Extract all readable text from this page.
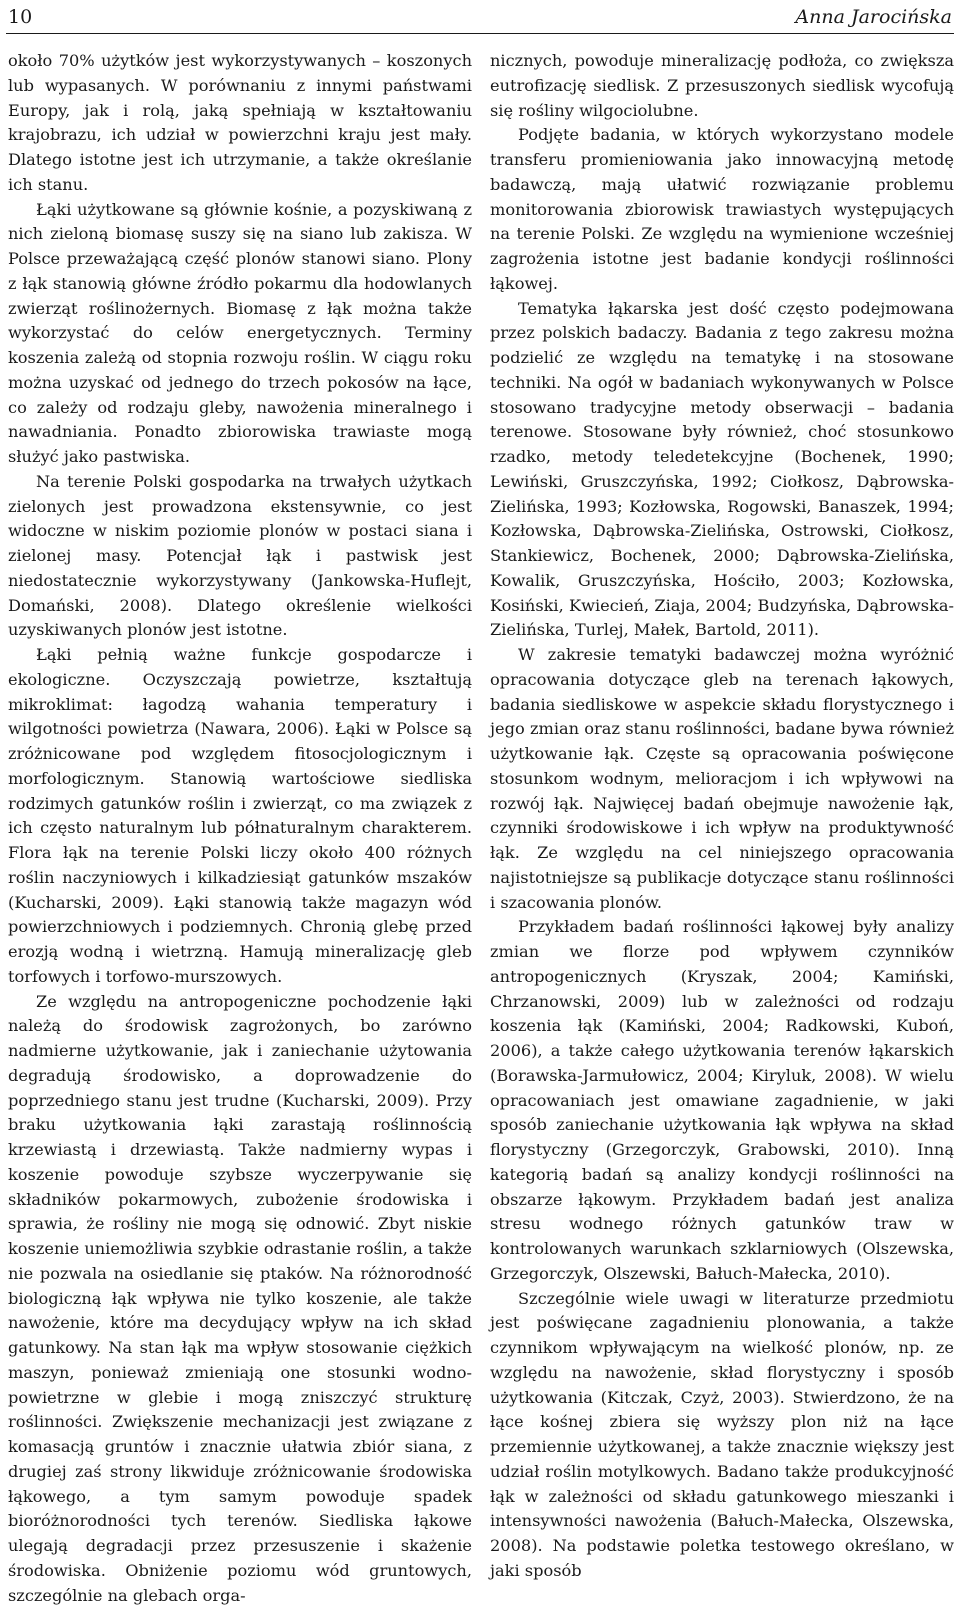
10	Anna Jarocińska

około 70% użytków jest wykorzystywanych – koszonych lub wypasanych. W porównaniu z innymi państwami Europy, jak i rolą, jaką spełniają w kształtowaniu krajobrazu, ich udział w powierzchni kraju jest mały. Dlatego istotne jest ich utrzymanie, a także określanie ich stanu.

Łąki użytkowane są głównie kośnie, a pozyskiwaną z nich zieloną biomasę suszy się na siano lub zakisza. W Polsce przeważającą część plonów stanowi siano. Plony z łąk stanowią główne źródło pokarmu dla hodowlanych zwierząt roślinożernych. Biomasę z łąk można także wykorzystać do celów energetycznych. Terminy koszenia zależą od stopnia rozwoju roślin. W ciągu roku można uzyskać od jednego do trzech pokosów na łące, co zależy od rodzaju gleby, nawożenia mineralnego i nawadniania. Ponadto zbiorowiska trawiaste mogą służyć jako pastwiska.

Na terenie Polski gospodarka na trwałych użytkach zielonych jest prowadzona ekstensywnie, co jest widoczne w niskim poziomie plonów w postaci siana i zielonej masy. Potencjał łąk i pastwisk jest niedostatecznie wykorzystywany (Jankowska-Huflejt, Domański, 2008). Dlatego określenie wielkości uzyskiwanych plonów jest istotne.

Łąki pełnią ważne funkcje gospodarcze i ekologiczne. Oczyszczają powietrze, kształtują mikroklimat: łagodzą wahania temperatury i wilgotności powietrza (Nawara, 2006). Łąki w Polsce są zróżnicowane pod względem fitosocjologicznym i morfologicznym. Stanowią wartościowe siedliska rodzimych gatunków roślin i zwierząt, co ma związek z ich często naturalnym lub półnaturalnym charakterem. Flora łąk na terenie Polski liczy około 400 różnych roślin naczyniowych i kilkadziesiąt gatunków mszaków (Kucharski, 2009). Łąki stanowią także magazyn wód powierzchniowych i podziemnych. Chronią glebę przed erozją wodną i wietrzną. Hamują mineralizację gleb torfowych i torfowo-murszowych.

Ze względu na antropogeniczne pochodzenie łąki należą do środowisk zagrożonych, bo zarówno nadmierne użytkowanie, jak i zaniechanie użytowania degradują środowisko, a doprowadzenie do poprzedniego stanu jest trudne (Kucharski, 2009). Przy braku użytkowania łąki zarastają roślinnością krzewiastą i drzewiastą. Także nadmierny wypas i koszenie powoduje szybsze wyczerpywanie się składników pokarmowych, zubożenie środowiska i sprawia, że rośliny nie mogą się odnowić. Zbyt niskie koszenie uniemożliwia szybkie odrastanie roślin, a także nie pozwala na osiedlanie się ptaków. Na różnorodność biologiczną łąk wpływa nie tylko koszenie, ale także nawożenie, które ma decydujący wpływ na ich skład gatunkowy. Na stan łąk ma wpływ stosowanie ciężkich maszyn, ponieważ zmieniają one stosunki wodno-powietrzne w glebie i mogą zniszczyć strukturę roślinności. Zwiększenie mechanizacji jest związane z komasacją gruntów i znacznie ułatwia zbiór siana, z drugiej zaś strony likwiduje zróżnicowanie środowiska łąkowego, a tym samym powoduje spadek bioróżnorodności tych terenów. Siedliska łąkowe ulegają degradacji przez przesuszenie i skażenie środowiska. Obniżenie poziomu wód gruntowych, szczególnie na glebach orga-

nicznych, powoduje mineralizację podłoża, co zwiększa eutrofizację siedlisk. Z przesuszonych siedlisk wycofują się rośliny wilgociolubne.

Podjęte badania, w których wykorzystano modele transferu promieniowania jako innowacyjną metodę badawczą, mają ułatwić rozwiązanie problemu monitorowania zbiorowisk trawiastych występujących na terenie Polski. Ze względu na wymienione wcześniej zagrożenia istotne jest badanie kondycji roślinności łąkowej.

Tematyka łąkarska jest dość często podejmowana przez polskich badaczy. Badania z tego zakresu można podzielić ze względu na tematykę i na stosowane techniki. Na ogół w badaniach wykonywanych w Polsce stosowano tradycyjne metody obserwacji – badania terenowe. Stosowane były również, choć stosunkowo rzadko, metody teledetekcyjne (Bochenek, 1990; Lewiński, Gruszczyńska, 1992; Ciołkosz, Dąbrowska-Zielińska, 1993; Kozłowska, Rogowski, Banaszek, 1994; Kozłowska, Dąbrowska-Zielińska, Ostrowski, Ciołkosz, Stankiewicz, Bochenek, 2000; Dąbrowska-Zielińska, Kowalik, Gruszczyńska, Hościło, 2003; Kozłowska, Kosiński, Kwiecień, Ziaja, 2004; Budzyńska, Dąbrowska-Zielińska, Turlej, Małek, Bartold, 2011).

W zakresie tematyki badawczej można wyróżnić opracowania dotyczące gleb na terenach łąkowych, badania siedliskowe w aspekcie składu florystycznego i jego zmian oraz stanu roślinności, badane bywa również użytkowanie łąk. Częste są opracowania poświęcone stosunkom wodnym, melioracjom i ich wpływowi na rozwój łąk. Najwięcej badań obejmuje nawożenie łąk, czynniki środowiskowe i ich wpływ na produktywność łąk. Ze względu na cel niniejszego opracowania najistotniejsze są publikacje dotyczące stanu roślinności i szacowania plonów.

Przykładem badań roślinności łąkowej były analizy zmian we florze pod wpływem czynników antropogenicznych (Kryszak, 2004; Kamiński, Chrzanowski, 2009) lub w zależności od rodzaju koszenia łąk (Kamiński, 2004; Radkowski, Kuboń, 2006), a także całego użytkowania terenów łąkarskich (Borawska-Jarmułowicz, 2004; Kiryluk, 2008). W wielu opracowaniach jest omawiane zagadnienie, w jaki sposób zaniechanie użytkowania łąk wpływa na skład florystyczny (Grzegorczyk, Grabowski, 2010). Inną kategorią badań są analizy kondycji roślinności na obszarze łąkowym. Przykładem badań jest analiza stresu wodnego różnych gatunków traw w kontrolowanych warunkach szklarniowych (Olszewska, Grzegorczyk, Olszewski, Bałuch-Małecka, 2010).

Szczególnie wiele uwagi w literaturze przedmiotu jest poświęcane zagadnieniu plonowania, a także czynnikom wpływającym na wielkość plonów, np. ze względu na nawożenie, skład florystyczny i sposób użytkowania (Kitczak, Czyż, 2003). Stwierdzono, że na łące kośnej zbiera się wyższy plon niż na łące przemiennie użytkowanej, a także znacznie większy jest udział roślin motylkowych. Badano także produkcyjność łąk w zależności od składu gatunkowego mieszanki i intensywności nawożenia (Bałuch-Małecka, Olszewska, 2008). Na podstawie poletka testowego określano, w jaki sposób
